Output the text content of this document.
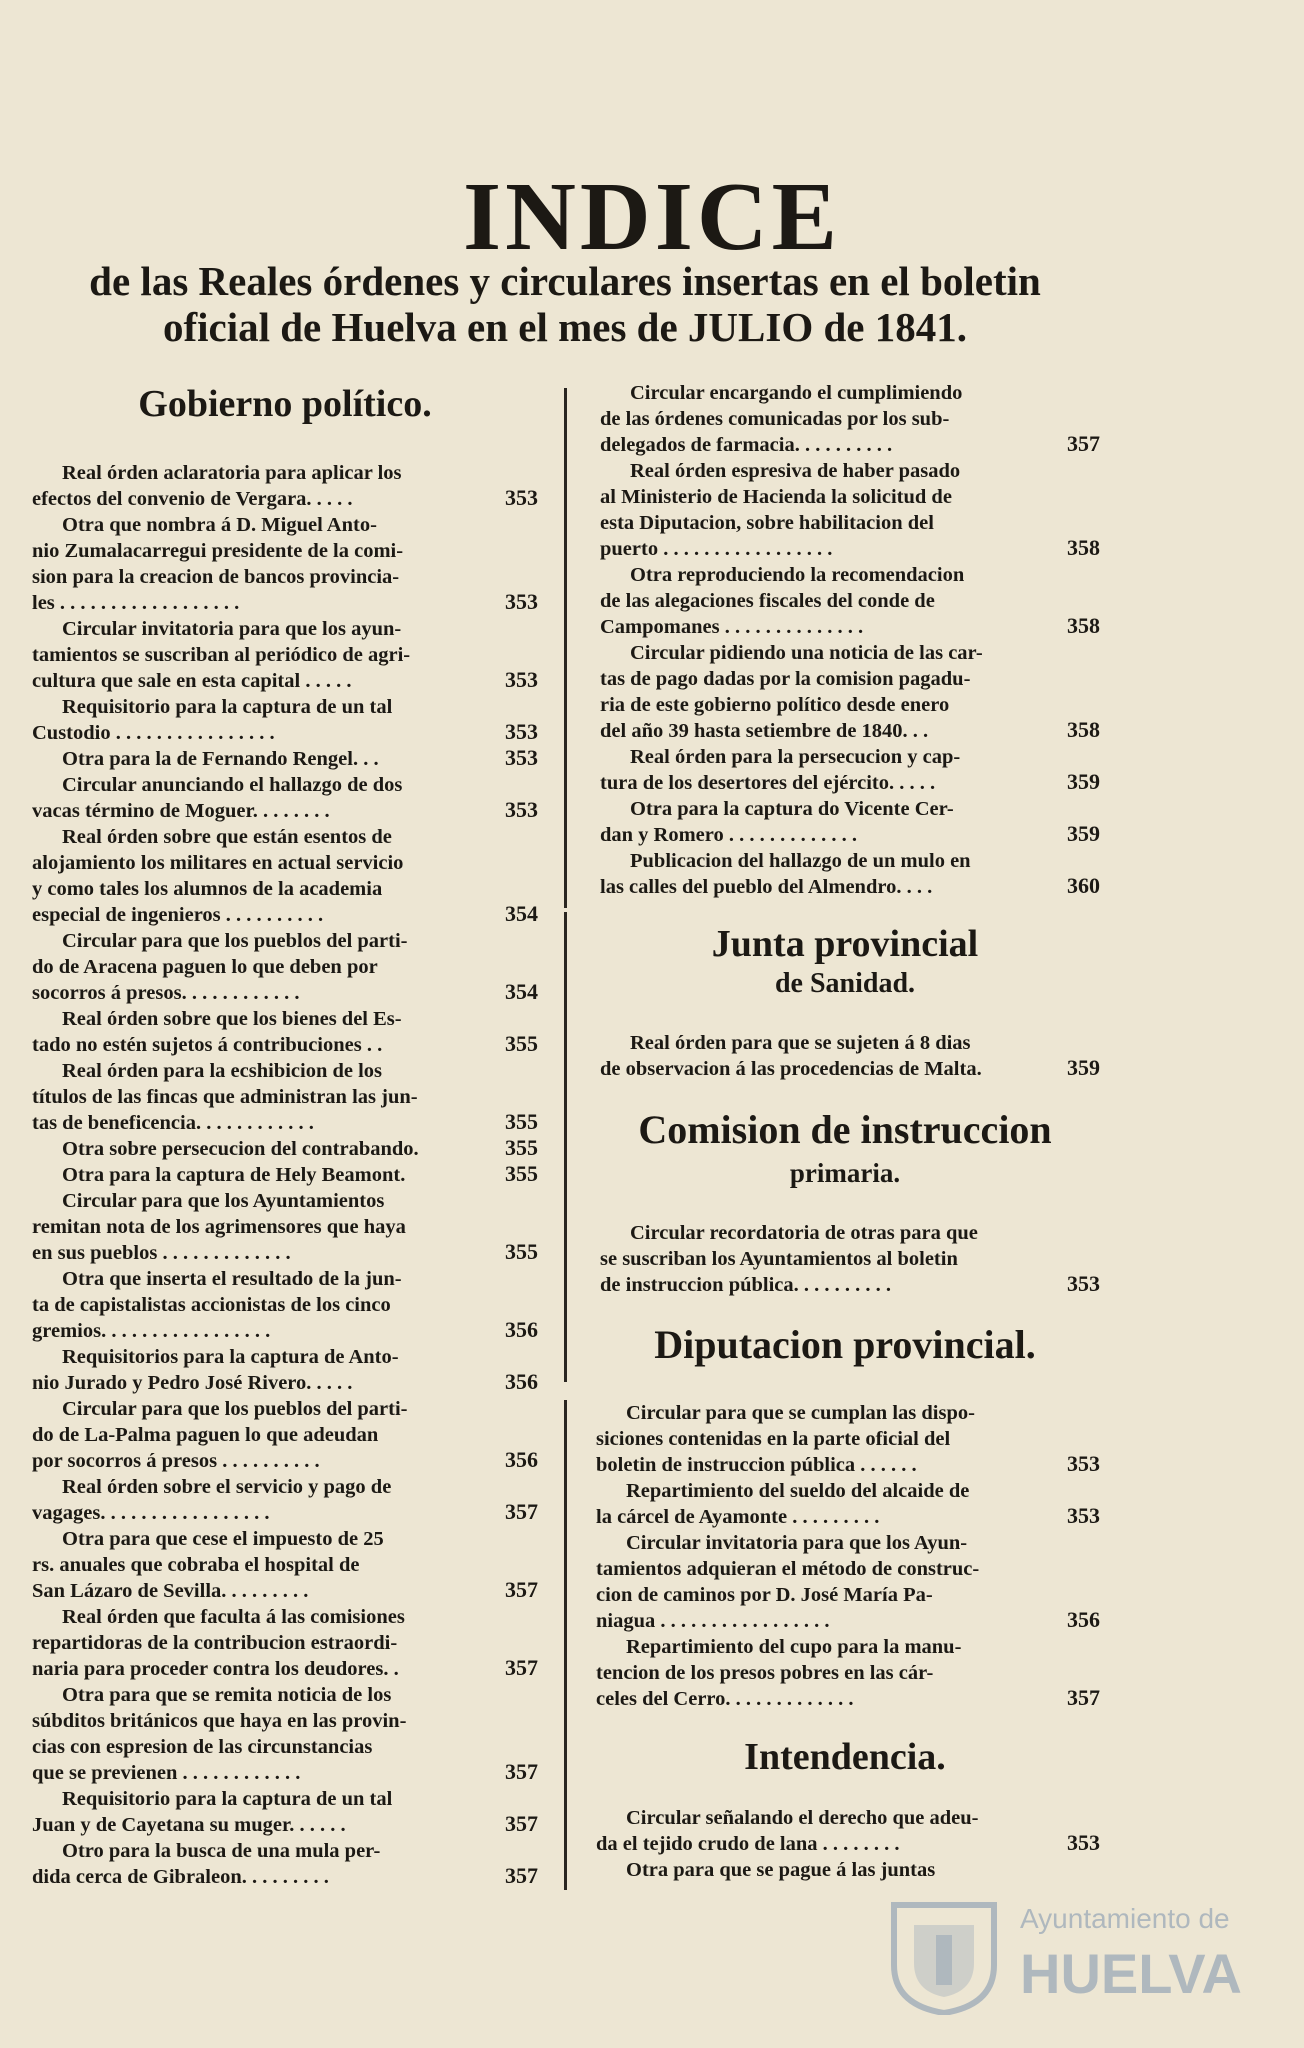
INDICE
de las Reales órdenes y circulares insertas en el boletin
oficial de Huelva en el mes de JULIO de 1841.
Gobierno político.
Real órden aclaratoria para aplicar los
efectos del convenio de Vergara. . . . .	353
Otra que nombra á D. Miguel Anto-
nio Zumalacarregui presidente de la comi-
sion para la creacion de bancos provincia-
les . . . . . . . . . . . . . . . . . .	353
Circular invitatoria para que los ayun-
tamientos se suscriban al periódico de agri-
cultura que sale en esta capital . . . . .	353
Requisitorio para la captura de un tal
Custodio . . . . . . . . . . . . . . . .	353
Otra para la de Fernando Rengel. . .	353
Circular anunciando el hallazgo de dos
vacas término de Moguer. . . . . . . .	353
Real órden sobre que están esentos de
alojamiento los militares en actual servicio
y como tales los alumnos de la academia
especial de ingenieros . . . . . . . . . .	354
Circular para que los pueblos del parti-
do de Aracena paguen lo que deben por
socorros á presos. . . . . . . . . . . .	354
Real órden sobre que los bienes del Es-
tado no estén sujetos á contribuciones . .	355
Real órden para la ecshibicion de los
títulos de las fincas que administran las jun-
tas de beneficencia. . . . . . . . . . . .	355
Otra sobre persecucion del contrabando.	355
Otra para la captura de Hely Beamont.	355
Circular para que los Ayuntamientos
remitan nota de los agrimensores que haya
en sus pueblos . . . . . . . . . . . . .	355
Otra que inserta el resultado de la jun-
ta de capistalistas accionistas de los cinco
gremios. . . . . . . . . . . . . . . . .	356
Requisitorios para la captura de Anto-
nio Jurado y Pedro José Rivero. . . . .	356
Circular para que los pueblos del parti-
do de La-Palma paguen lo que adeudan
por socorros á presos . . . . . . . . . .	356
Real órden sobre el servicio y pago de
vagages. . . . . . . . . . . . . . . . .	357
Otra para que cese el impuesto de 25
rs. anuales que cobraba el hospital de
San Lázaro de Sevilla. . . . . . . . .	357
Real órden que faculta á las comisiones
repartidoras de la contribucion estraordi-
naria para proceder contra los deudores. .	357
Otra para que se remita noticia de los
súbditos británicos que haya en las provin-
cias con espresion de las circunstancias
que se previenen . . . . . . . . . . . .	357
Requisitorio para la captura de un tal
Juan y de Cayetana su muger. . . . . .	357
Otro para la busca de una mula per-
dida cerca de Gibraleon. . . . . . . . .	357
Circular encargando el cumplimiendo
de las órdenes comunicadas por los sub-
delegados de farmacia. . . . . . . . . .	357
Real órden espresiva de haber pasado
al Ministerio de Hacienda la solicitud de
esta Diputacion, sobre habilitacion del
puerto . . . . . . . . . . . . . . . . .	358
Otra reproduciendo la recomendacion
de las alegaciones fiscales del conde de
Campomanes . . . . . . . . . . . . . .	358
Circular pidiendo una noticia de las car-
tas de pago dadas por la comision pagadu-
ria de este gobierno político desde enero
del año 39 hasta setiembre de 1840. . .	358
Real órden para la persecucion y cap-
tura de los desertores del ejército. . . . .	359
Otra para la captura do Vicente Cer-
dan y Romero . . . . . . . . . . . . .	359
Publicacion del hallazgo de un mulo en
las calles del pueblo del Almendro. . . .	360
Real órden para que se sujeten á 8 dias
de observacion á las procedencias de Malta.	359
Circular recordatoria de otras para que
se suscriban los Ayuntamientos al boletin
de instruccion pública. . . . . . . . . .	353
Circular para que se cumplan las dispo-
siciones contenidas en la parte oficial del
boletin de instruccion pública . . . . . .	353
Repartimiento del sueldo del alcaide de
la cárcel de Ayamonte . . . . . . . . .	353
Circular invitatoria para que los Ayun-
tamientos adquieran el método de construc-
cion de caminos por D. José María Pa-
niagua . . . . . . . . . . . . . . . . .	356
Repartimiento del cupo para la manu-
tencion de los presos pobres en las cár-
celes del Cerro. . . . . . . . . . . . .	357
Circular señalando el derecho que adeu-
da el tejido crudo de lana . . . . . . . .	353
Otra para que se pague á las juntas
Junta provincial
de Sanidad.
Comision de instruccion
primaria.
Diputacion provincial.
Intendencia.
Ayuntamiento de
HUELVA
